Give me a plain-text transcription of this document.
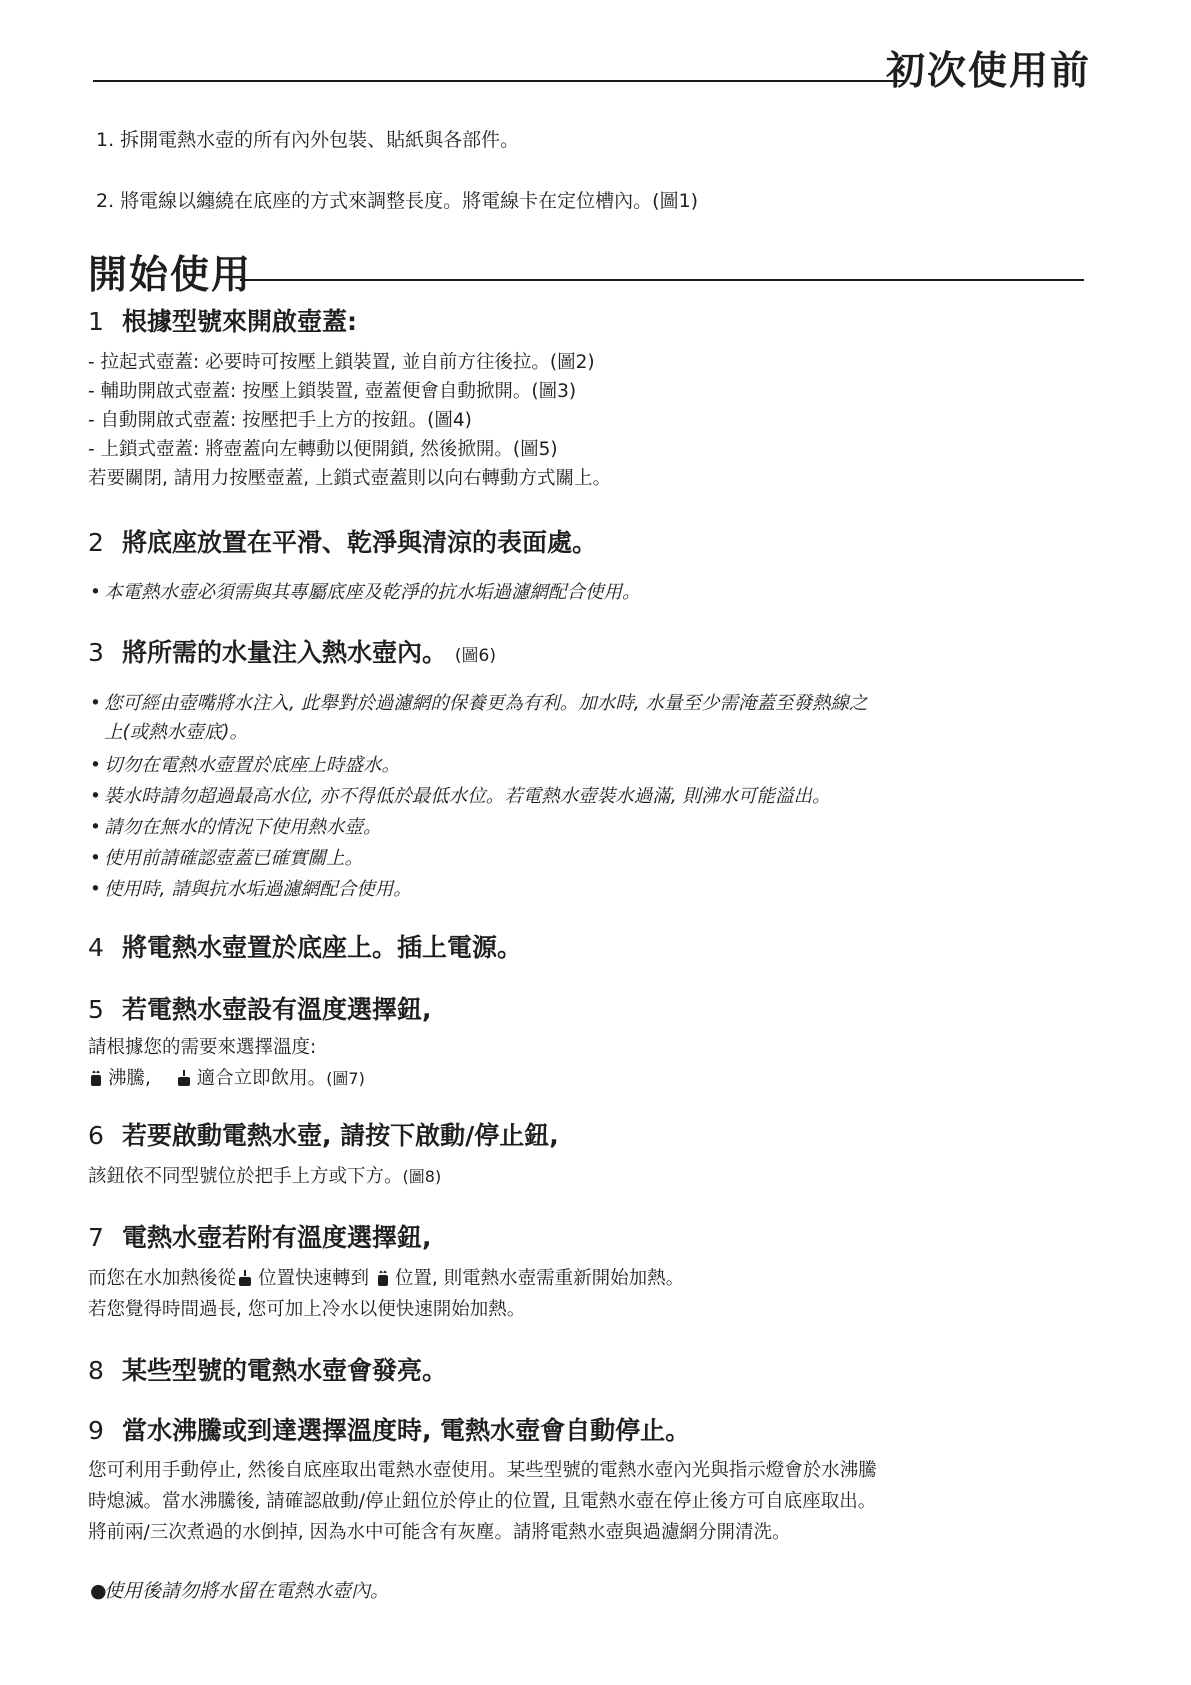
初次使用前
1. 拆開電熱水壺的所有內外包裝、貼紙與各部件。
2. 將電線以纏繞在底座的方式來調整長度。將電線卡在定位槽內。(圖1)
開始使用
1 根據型號來開啟壺蓋:
- 拉起式壺蓋: 必要時可按壓上鎖裝置, 並自前方往後拉。(圖2)
- 輔助開啟式壺蓋: 按壓上鎖裝置, 壺蓋便會自動掀開。(圖3)
- 自動開啟式壺蓋: 按壓把手上方的按鈕。(圖4)
- 上鎖式壺蓋: 將壺蓋向左轉動以便開鎖, 然後掀開。(圖5)
若要關閉, 請用力按壓壺蓋, 上鎖式壺蓋則以向右轉動方式關上。
2 將底座放置在平滑、乾淨與清涼的表面處。
• 本電熱水壺必須需與其專屬底座及乾淨的抗水垢過濾網配合使用。
3 將所需的水量注入熱水壺內。 (圖6)
• 您可經由壺嘴將水注入, 此舉對於過濾網的保養更為有利。加水時, 水量至少需淹蓋至發熱線之
上(或熱水壺底)。
• 切勿在電熱水壺置於底座上時盛水。
• 裝水時請勿超過最高水位, 亦不得低於最低水位。若電熱水壺裝水過滿, 則沸水可能溢出。
• 請勿在無水的情況下使用熱水壺。
• 使用前請確認壺蓋已確實關上。
• 使用時, 請與抗水垢過濾網配合使用。
4 將電熱水壺置於底座上。插上電源。
5 若電熱水壺設有溫度選擇鈕,
請根據您的需要來選擇溫度:
沸騰, 適合立即飲用。(圖7)
6 若要啟動電熱水壺, 請按下啟動/停止鈕,
該鈕依不同型號位於把手上方或下方。(圖8)
7 電熱水壺若附有溫度選擇鈕,
而您在水加熱後從 位置快速轉到 位置, 則電熱水壺需重新開始加熱。
若您覺得時間過長, 您可加上冷水以便快速開始加熱。
8 某些型號的電熱水壺會發亮。
9 當水沸騰或到達選擇溫度時, 電熱水壺會自動停止。
您可利用手動停止, 然後自底座取出電熱水壺使用。某些型號的電熱水壺內光與指示燈會於水沸騰
時熄滅。當水沸騰後, 請確認啟動/停止鈕位於停止的位置, 且電熱水壺在停止後方可自底座取出。
將前兩/三次煮過的水倒掉, 因為水中可能含有灰塵。請將電熱水壺與過濾網分開清洗。
●使用後請勿將水留在電熱水壺內。
